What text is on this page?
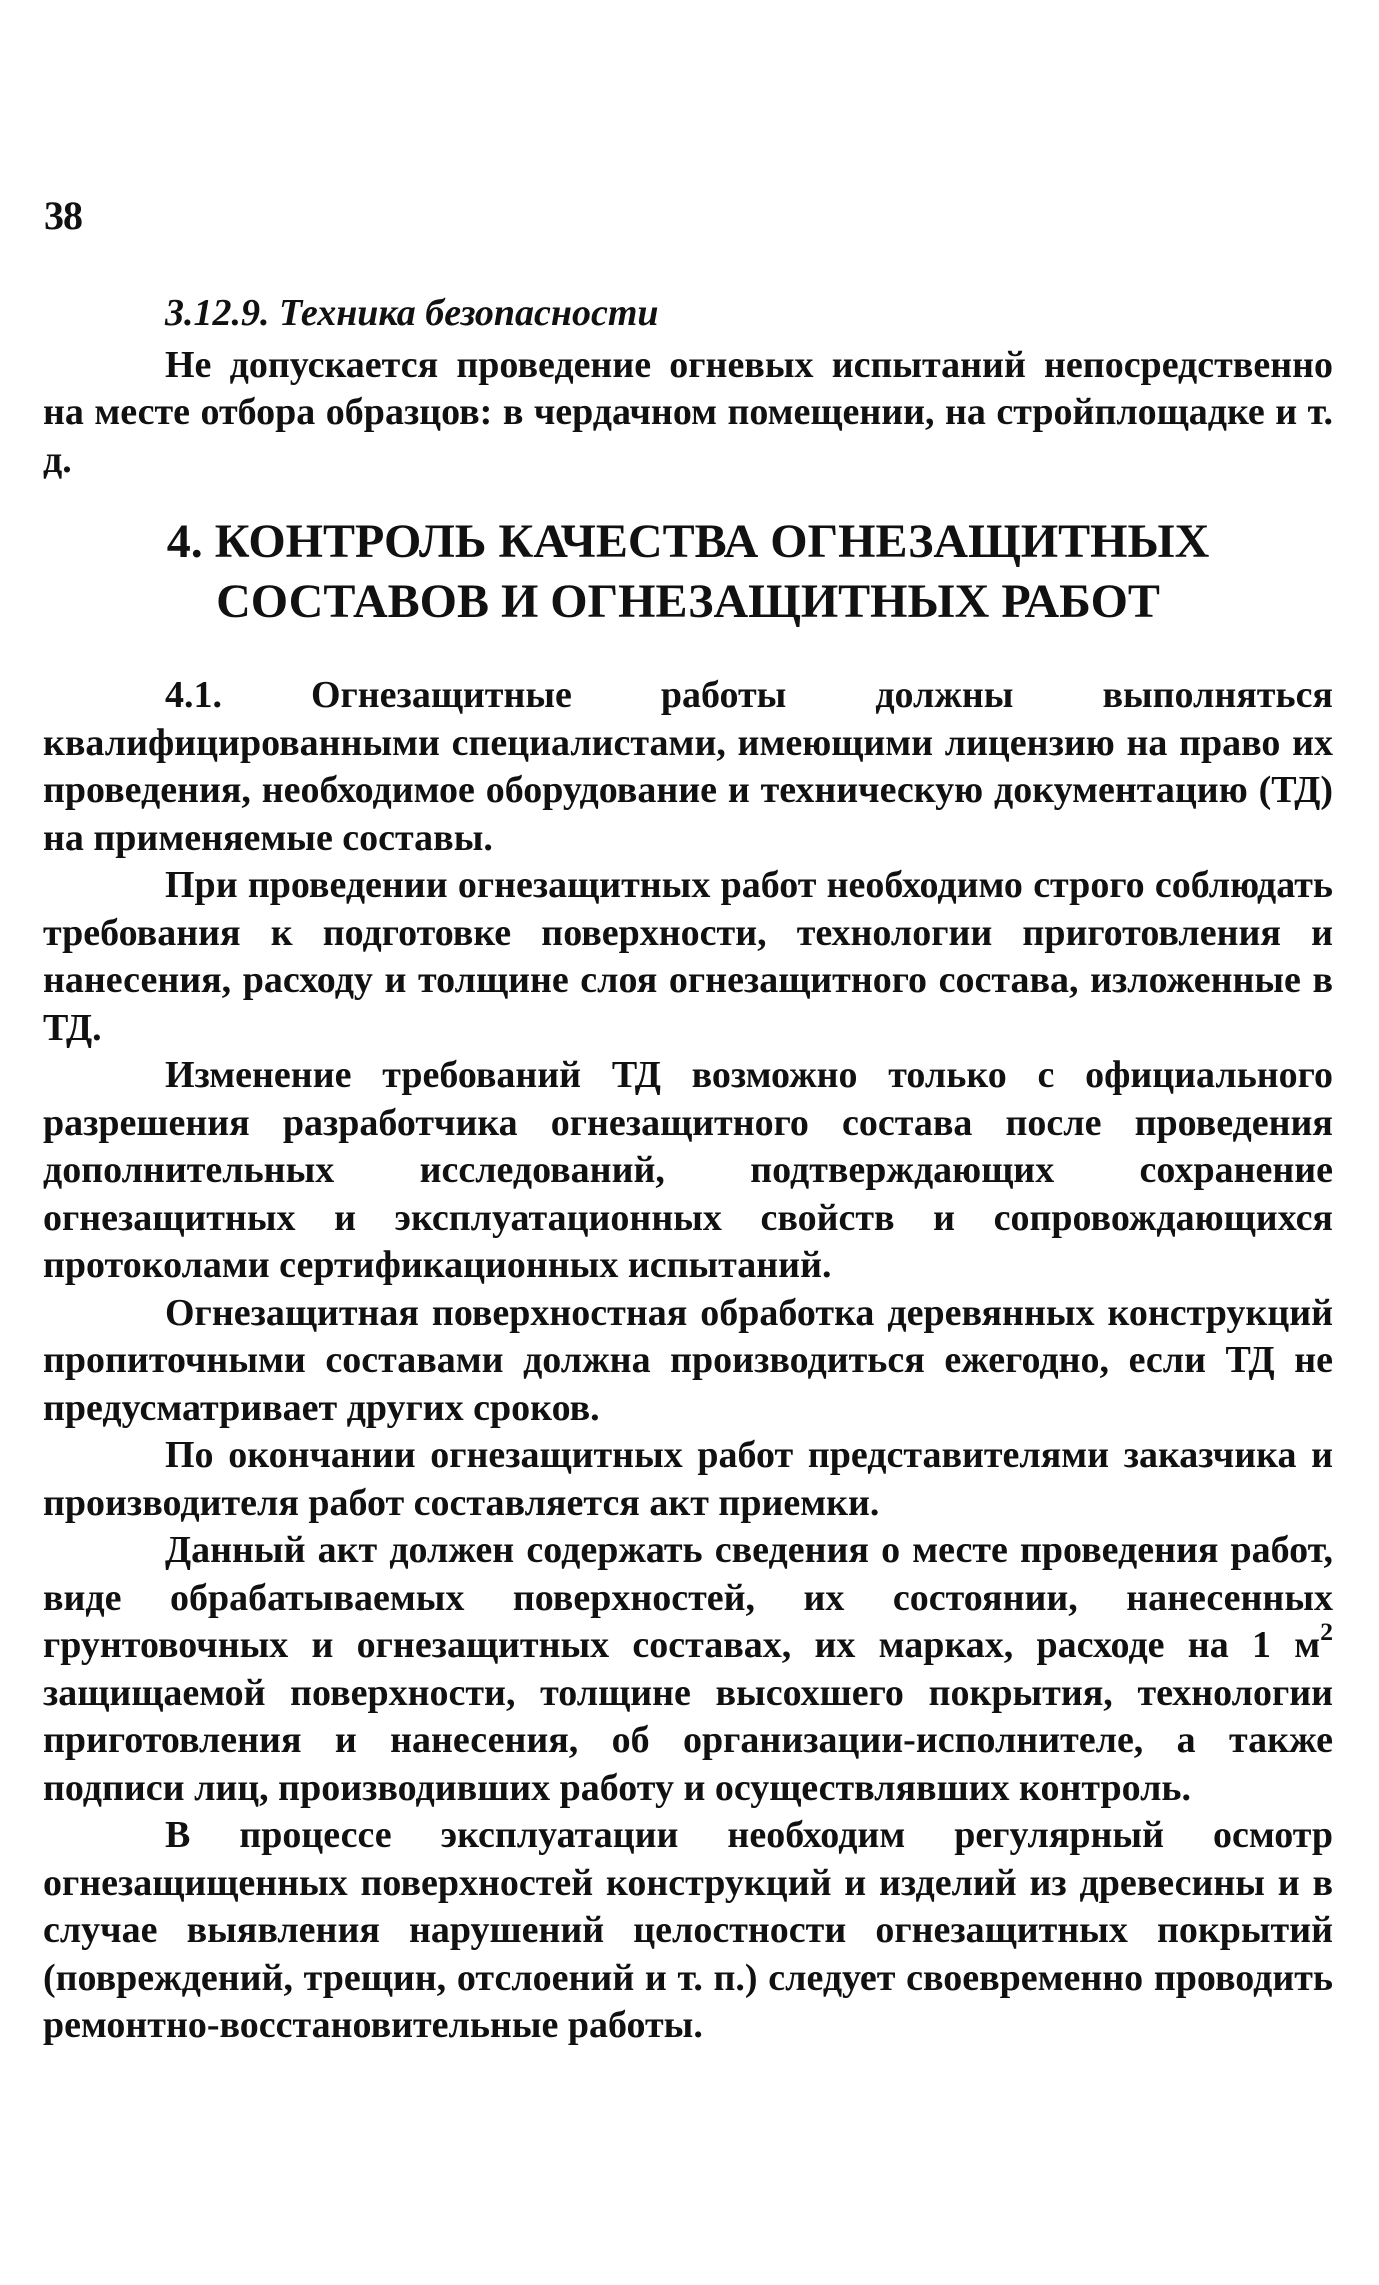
38

3.12.9. Техника безопасности

Не допускается проведение огневых испытаний непосредственно на месте отбора образцов: в чердачном помещении, на стройплощадке и т. д.

4. КОНТРОЛЬ КАЧЕСТВА ОГНЕЗАЩИТНЫХ
СОСТАВОВ И ОГНЕЗАЩИТНЫХ РАБОТ

4.1. Огнезащитные работы должны выполняться квалифицированными специалистами, имеющими лицензию на право их проведения, необходимое оборудование и техническую документацию (ТД) на применяемые составы.

При проведении огнезащитных работ необходимо строго соблюдать требования к подготовке поверхности, технологии приготовления и нанесения, расходу и толщине слоя огнезащитного состава, изложенные в ТД.

Изменение требований ТД возможно только с официального разрешения разработчика огнезащитного состава после проведения дополнительных исследований, подтверждающих сохранение огнезащитных и эксплуатационных свойств и сопровождающихся протоколами сертификационных испытаний.

Огнезащитная поверхностная обработка деревянных конструкций пропиточными составами должна производиться ежегодно, если ТД не предусматривает других сроков.

По окончании огнезащитных работ представителями заказчика и производителя работ составляется акт приемки.

Данный акт должен содержать сведения о месте проведения работ, виде обрабатываемых поверхностей, их состоянии, нанесенных грунтовочных и огнезащитных составах, их марках, расходе на 1 $м^2$ защищаемой поверхности, толщине высохшего покрытия, технологии приготовления и нанесения, об организации-исполнителе, а также подписи лиц, производивших работу и осуществлявших контроль.

В процессе эксплуатации необходим регулярный осмотр огнезащищенных поверхностей конструкций и изделий из древесины и в случае выявления нарушений целостности огнезащитных покрытий (повреждений, трещин, отслоений и т. п.) следует своевременно проводить ремонтно-восстановительные работы.
